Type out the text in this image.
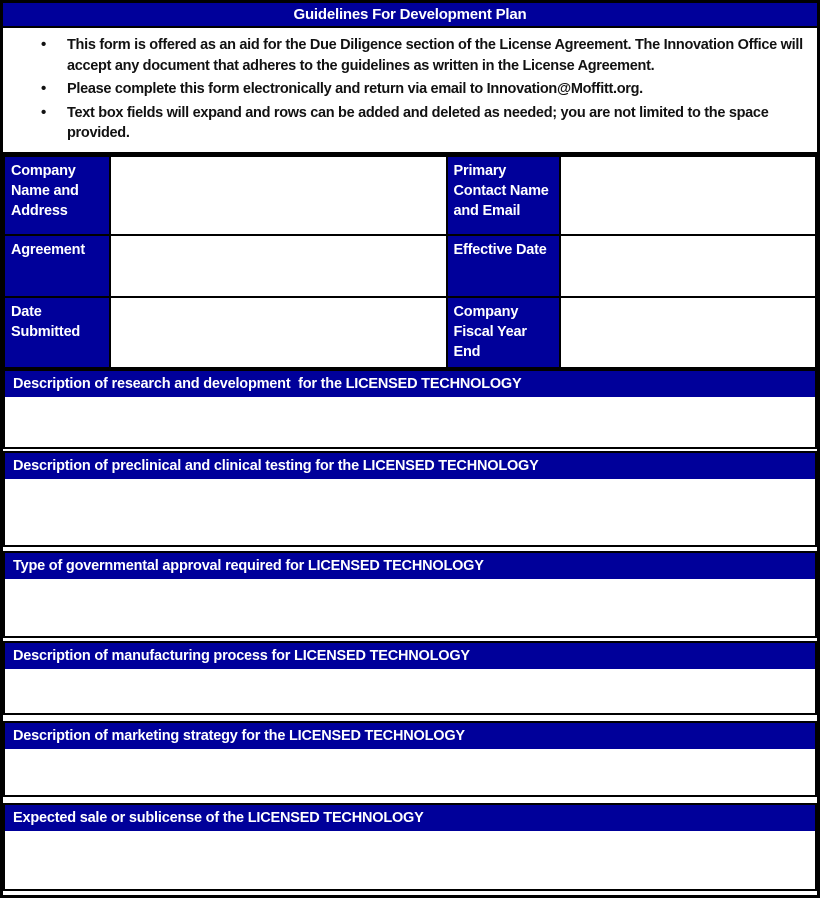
Guidelines For Development Plan
• This form is offered as an aid for the Due Diligence section of the License Agreement. The Innovation Office will accept any document that adheres to the guidelines as written in the License Agreement.
• Please complete this form electronically and return via email to Innovation@Moffitt.org.
• Text box fields will expand and rows can be added and deleted as needed; you are not limited to the space provided.
Company Name and Address		Primary Contact Name and Email	
Agreement		Effective Date	
Date Submitted		Company Fiscal Year End	
Description of research and development  for the LICENSED TECHNOLOGY
Description of preclinical and clinical testing for the LICENSED TECHNOLOGY
Type of governmental approval required for LICENSED TECHNOLOGY
Description of manufacturing process for LICENSED TECHNOLOGY
Description of marketing strategy for the LICENSED TECHNOLOGY
Expected sale or sublicense of the LICENSED TECHNOLOGY
